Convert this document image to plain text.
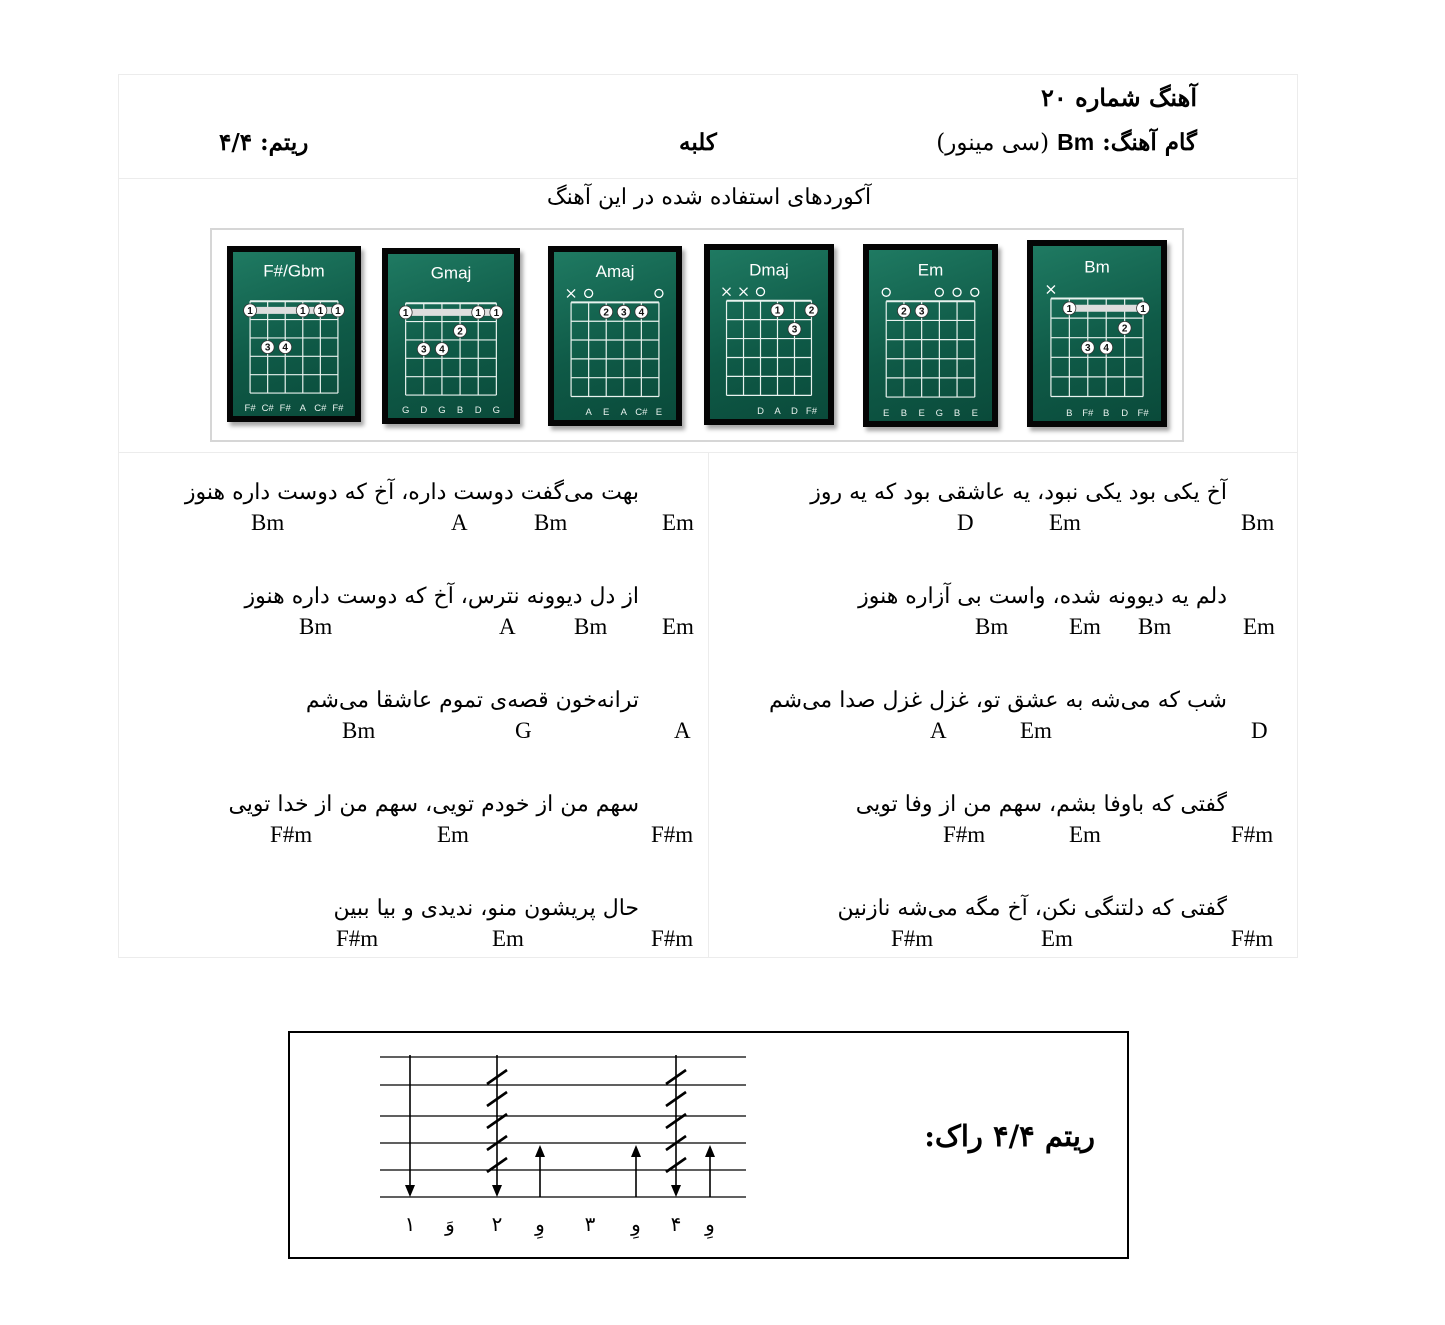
آهنگ شماره ۲۰
گام آهنگ: Bm (سی مینور)
کلبه
ریتم: ۴/۴
آکوردهای استفاده شده در این آهنگ
F#/Gbm
1	1 1 1
3 4
F# C# F# A C# F#
Gmaj
1	1 1
2
3 4
G D G B D G
Amaj
2 3 4
A E A C# E
Dmaj
1	2
3
D A D F#
Em
2 3
E B E G B E
Bm
1	1
2
3 4
B F# B D F#
آخ یکی بود یکی نبود، یه عاشقی بود که یه روز
D	Em	Bm
دلم یه دیوونه شده، واست بی آزاره هنوز
Bm	Em Bm	Em
شب که می‌شه به عشق تو، غزل غزل صدا می‌شم
A	Em	D
گفتی که باوفا بشم، سهم من از وفا تویی
F#m	Em	F#m
گفتی که دلتنگی نکن، آخ مگه می‌شه نازنین
F#m	Em	F#m
بهت می‌گفت دوست داره، آخ که دوست داره هنوز
Bm	A	Bm	Em
از دل دیوونه نترس، آخ که دوست داره هنوز
Bm	A	Bm Em
ترانه‌خون قصه‌ی تموم عاشقا می‌شم
Bm	G	A
سهم من از خودم تویی، سهم من از خدا تویی
F#m	Em	F#m
حال پریشون منو، ندیدی و بیا ببین
F#m	Em	F#m
۱ وَ ۲ وِ ۳ وِ ۴ وِ
ریتم ۴/۴ راک:
